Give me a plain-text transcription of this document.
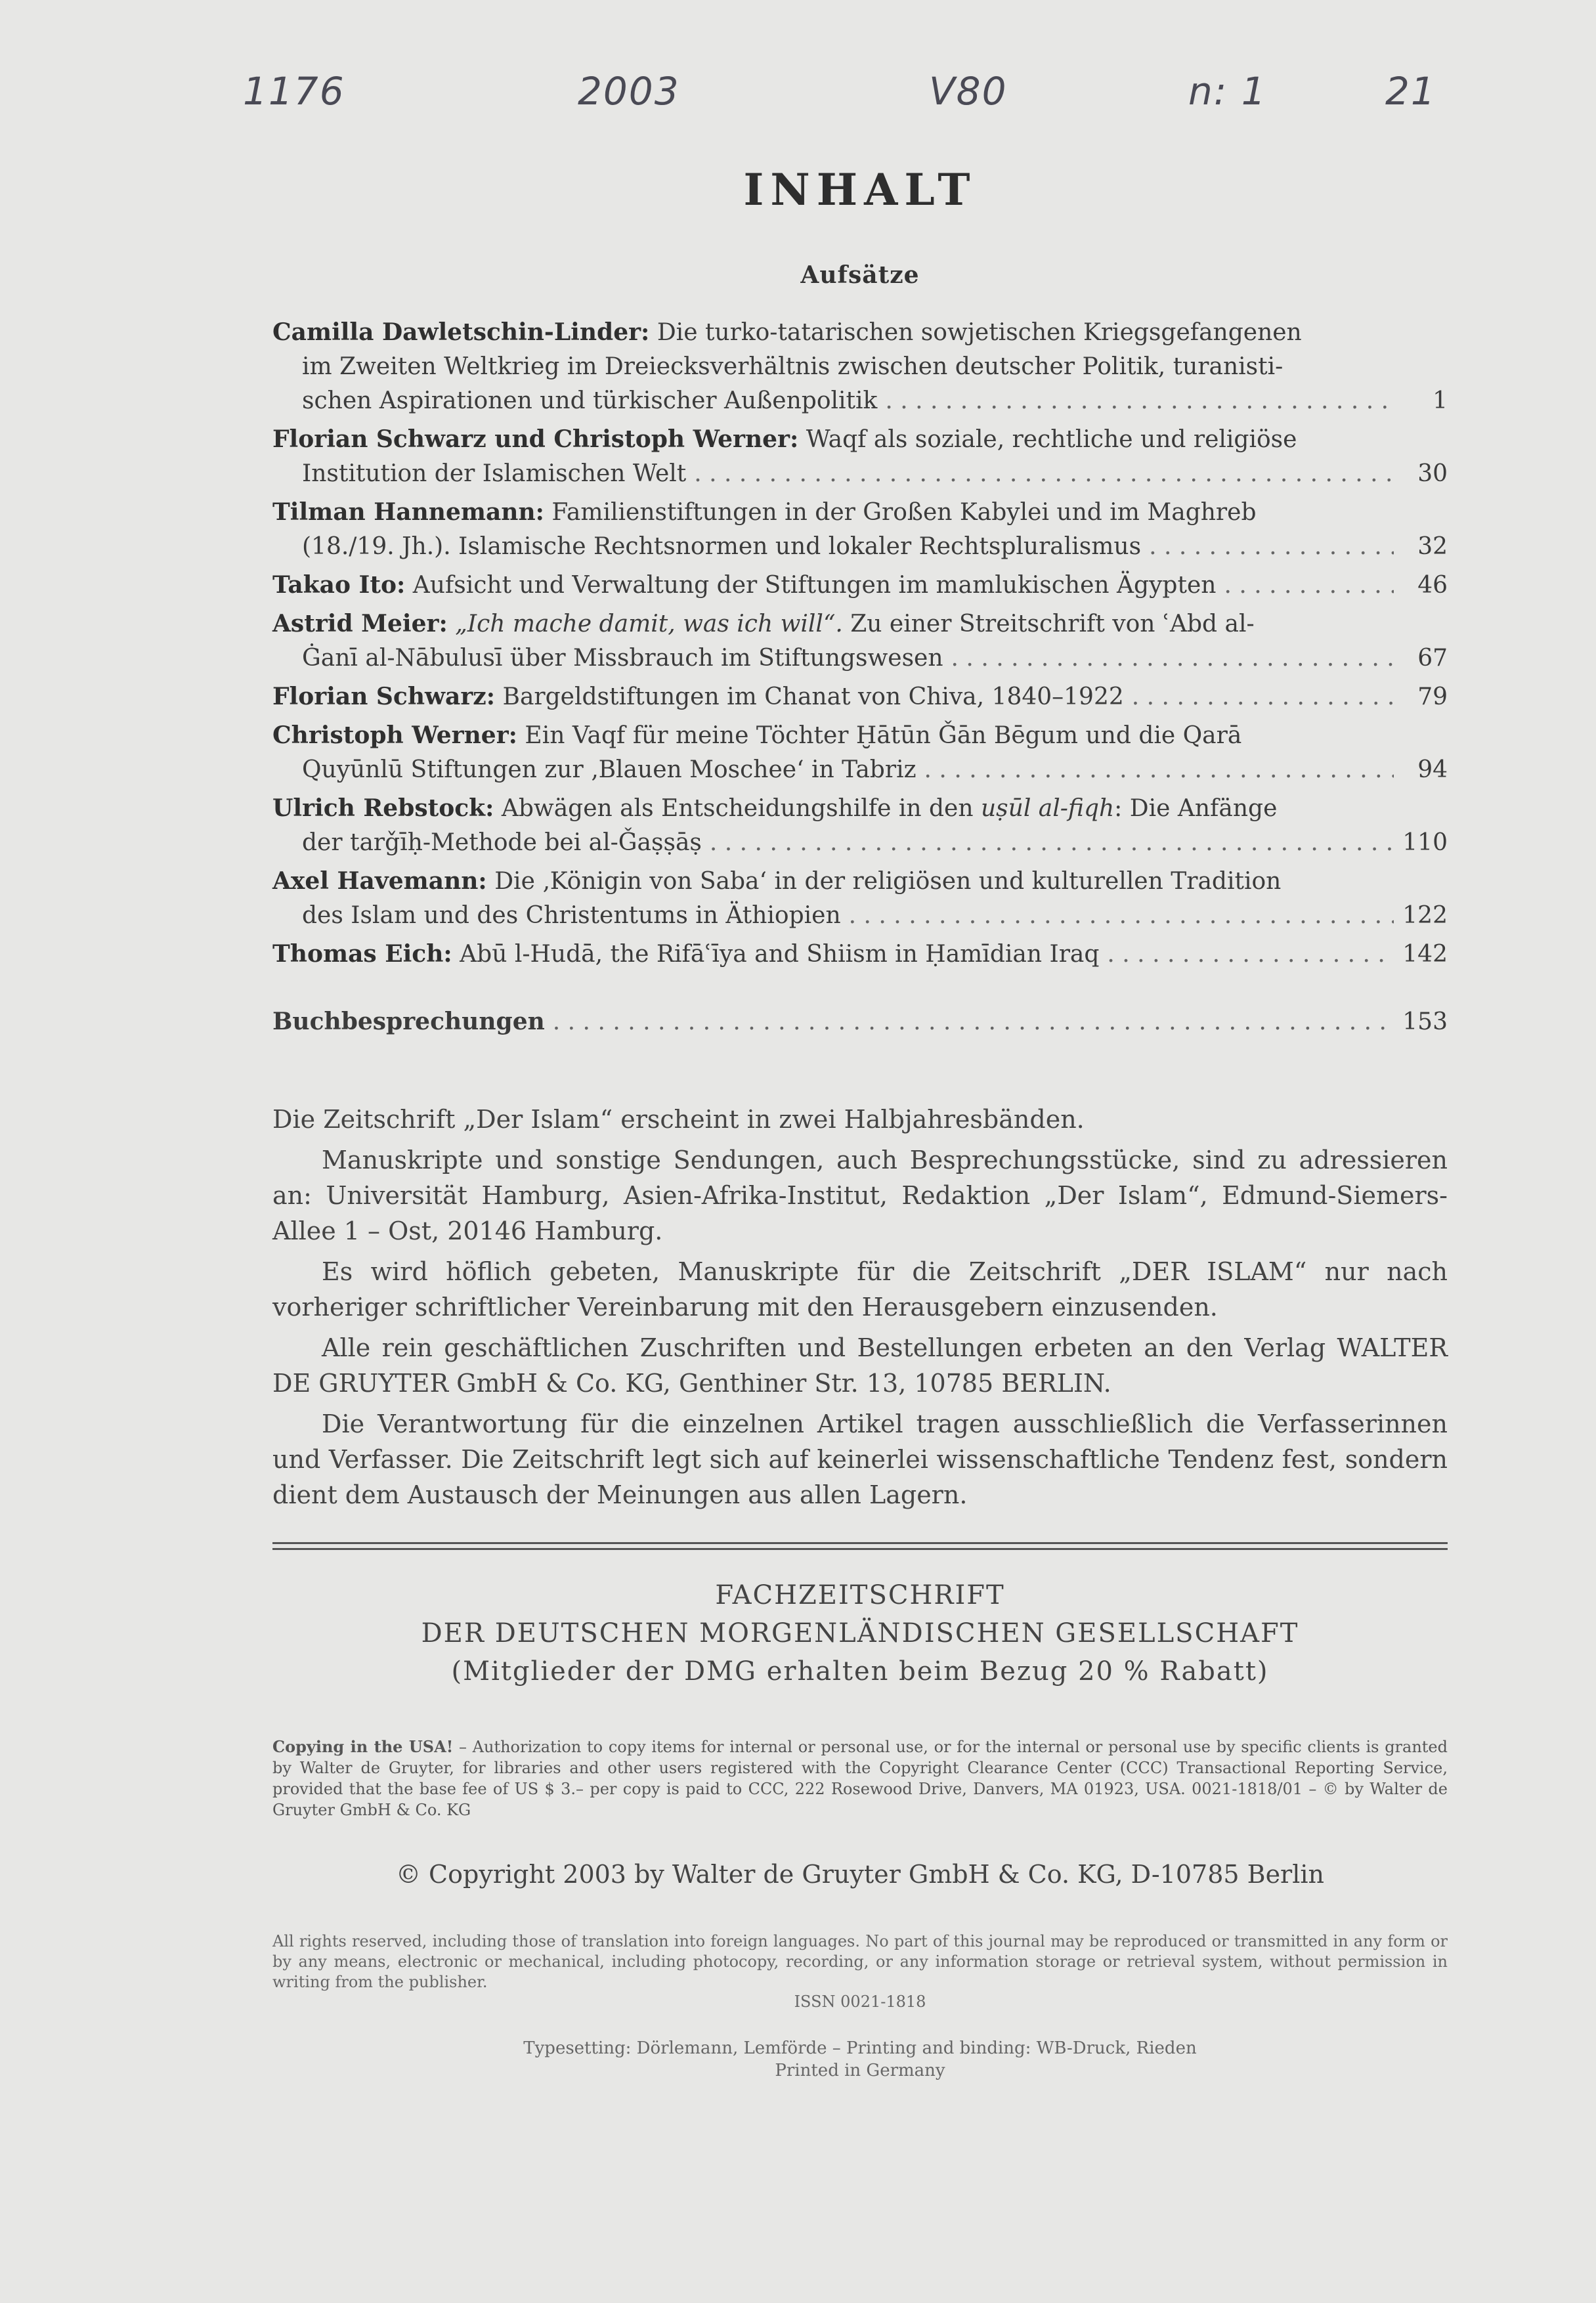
1176	2003	V80	n: 1	21
INHALT
Aufsätze
Camilla Dawletschin-Linder: Die turko-tatarischen sowjetischen Kriegsgefangenen
im Zweiten Weltkrieg im Dreiecksverhältnis zwischen deutscher Politik, turanisti-
schen Aspirationen und türkischer Außenpolitik . . .	1
Florian Schwarz und Christoph Werner: Waqf als soziale, rechtliche und religiöse
Institution der Islamischen Welt . . .	30
Tilman Hannemann: Familienstiftungen in der Großen Kabylei und im Maghreb
(18./19. Jh.). Islamische Rechtsnormen und lokaler Rechtspluralismus . . .	32
Takao Ito: Aufsicht und Verwaltung der Stiftungen im mamlukischen Ägypten . . .	46
Astrid Meier: „Ich mache damit, was ich will“. Zu einer Streitschrift von ʿAbd al-
Ġanī al-Nābulusī über Missbrauch im Stiftungswesen . . .	67
Florian Schwarz: Bargeldstiftungen im Chanat von Chiva, 1840–1922 . . .	79
Christoph Werner: Ein Vaqf für meine Töchter Ḫātūn Ǧān Bēgum und die Qarā
Quyūnlū Stiftungen zur ‚Blauen Moschee‘ in Tabriz . . .	94
Ulrich Rebstock: Abwägen als Entscheidungshilfe in den uṣūl al-fiqh: Die Anfänge
der tarǧīḥ-Methode bei al-Ǧaṣṣāṣ . . .	110
Axel Havemann: Die ‚Königin von Saba‘ in der religiösen und kulturellen Tradition
des Islam und des Christentums in Äthiopien . . .	122
Thomas Eich: Abū l-Hudā, the Rifāʿīya and Shiism in Ḥamīdian Iraq . . .	142
Buchbesprechungen . . .	153

Die Zeitschrift „Der Islam“ erscheint in zwei Halbjahresbänden.

Manuskripte und sonstige Sendungen, auch Besprechungsstücke, sind zu adressieren an: Universität Hamburg, Asien-Afrika-Institut, Redaktion „Der Islam“, Edmund-Siemers-Allee 1 – Ost, 20146 Hamburg.

Es wird höflich gebeten, Manuskripte für die Zeitschrift „DER ISLAM“ nur nach vorheriger schriftlicher Vereinbarung mit den Herausgebern einzusenden.

Alle rein geschäftlichen Zuschriften und Bestellungen erbeten an den Verlag WALTER DE GRUYTER GmbH & Co. KG, Genthiner Str. 13, 10785 BERLIN.

Die Verantwortung für die einzelnen Artikel tragen ausschließlich die Verfasserinnen und Verfasser. Die Zeitschrift legt sich auf keinerlei wissenschaftliche Tendenz fest, sondern dient dem Austausch der Meinungen aus allen Lagern.

FACHZEITSCHRIFT
DER DEUTSCHEN MORGENLÄNDISCHEN GESELLSCHAFT
(Mitglieder der DMG erhalten beim Bezug 20 % Rabatt)
Copying in the USA! – Authorization to copy items for internal or personal use, or for the internal or personal use by specific clients is granted by Walter de Gruyter, for libraries and other users registered with the Copyright Clearance Center (CCC) Transactional Reporting Service, provided that the base fee of US $ 3.– per copy is paid to CCC, 222 Rosewood Drive, Danvers, MA 01923, USA. 0021-1818/01 – © by Walter de Gruyter GmbH & Co. KG
© Copyright 2003 by Walter de Gruyter GmbH & Co. KG, D-10785 Berlin
All rights reserved, including those of translation into foreign languages. No part of this journal may be reproduced or transmitted in any form or by any means, electronic or mechanical, including photocopy, recording, or any information storage or retrieval system, without permission in writing from the publisher.
ISSN 0021-1818
Typesetting: Dörlemann, Lemförde – Printing and binding: WB-Druck, Rieden
Printed in Germany
